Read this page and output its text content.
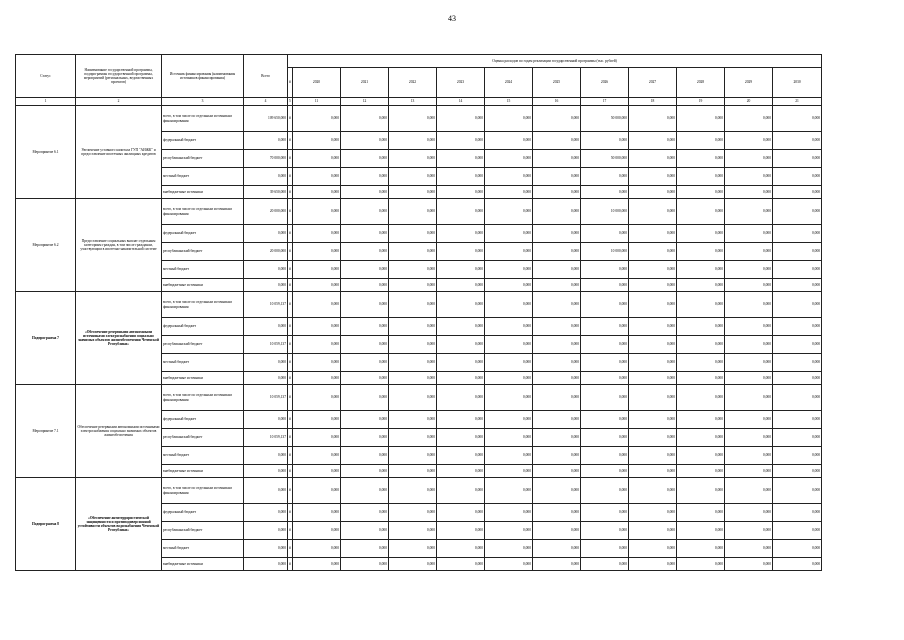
43
Статус	Наименование государственной программы, подпрограммы государственной программы, мероприятий (региональных, ведомственных проектов)	Источник финансирования (наименования источников финансирования)	Всего	Оценка расходов по годам реализации государственной программы (тыс. рублей)											
				#	2020	2021	2022	2023	2024	2025	2026	2027	2028	2029	2030
1	2	3	4	5	11	12	13	14	15	16	17	18	19	20	21
Мероприятие 6.1	Увеличение уставного капитала ГУП "АИЖК" и предоставление ипотечных жилищных кредитов	всего, в том числе по отдельным источникам финансирования	109 650,000	#	0,000	0,000	0,000	0,000	0,000	0,000	50 000,000	0,000	0,000	0,000	0,000
		федеральный бюджет	0,000	#	0,000	0,000	0,000	0,000	0,000	0,000	0,000	0,000	0,000	0,000	0,000
		республиканский бюджет	70 000,000	#	0,000	0,000	0,000	0,000	0,000	0,000	50 000,000	0,000	0,000	0,000	0,000
		местный бюджет	0,000	#	0,000	0,000	0,000	0,000	0,000	0,000	0,000	0,000	0,000	0,000	0,000
		внебюджетные источники	39 650,000	#	0,000	0,000	0,000	0,000	0,000	0,000	0,000	0,000	0,000	0,000	0,000
Мероприятие 6.2	Предоставление социальных выплат отдельным категориям граждан, в том числе гражданам, участвующим в ипотечно-накопительной системе	всего, в том числе по отдельным источникам финансирования	20 000,000	#	0,000	0,000	0,000	0,000	0,000	0,000	10 000,000	0,000	0,000	0,000	0,000
		федеральный бюджет	0,000	#	0,000	0,000	0,000	0,000	0,000	0,000	0,000	0,000	0,000	0,000	0,000
		республиканский бюджет	20 000,000	#	0,000	0,000	0,000	0,000	0,000	0,000	10 000,000	0,000	0,000	0,000	0,000
		местный бюджет	0,000	#	0,000	0,000	0,000	0,000	0,000	0,000	0,000	0,000	0,000	0,000	0,000
		внебюджетные источники	0,000	#	0,000	0,000	0,000	0,000	0,000	0,000	0,000	0,000	0,000	0,000	0,000
Подпрограмма 7	«Обеспечение резервными автономными источниками электроснабжения социально значимых объектов жизнеобеспечения Чеченской Республики»	всего, в том числе по отдельным источникам финансирования	10 059,137	#	0,000	0,000	0,000	0,000	0,000	0,000	0,000	0,000	0,000	0,000	0,000
		федеральный бюджет	0,000	#	0,000	0,000	0,000	0,000	0,000	0,000	0,000	0,000	0,000	0,000	0,000
		республиканский бюджет	10 059,137	#	0,000	0,000	0,000	0,000	0,000	0,000	0,000	0,000	0,000	0,000	0,000
		местный бюджет	0,000	#	0,000	0,000	0,000	0,000	0,000	0,000	0,000	0,000	0,000	0,000	0,000
		внебюджетные источники	0,000	#	0,000	0,000	0,000	0,000	0,000	0,000	0,000	0,000	0,000	0,000	0,000
Мероприятие 7.1	Обеспечение резервными автономными источниками электроснабжения социально значимых объектов жизнеобеспечения	всего, в том числе по отдельным источникам финансирования	10 059,137	#	0,000	0,000	0,000	0,000	0,000	0,000	0,000	0,000	0,000	0,000	0,000
		федеральный бюджет	0,000	#	0,000	0,000	0,000	0,000	0,000	0,000	0,000	0,000	0,000	0,000	0,000
		республиканский бюджет	10 059,137	#	0,000	0,000	0,000	0,000	0,000	0,000	0,000	0,000	0,000	0,000	0,000
		местный бюджет	0,000	#	0,000	0,000	0,000	0,000	0,000	0,000	0,000	0,000	0,000	0,000	0,000
		внебюджетные источники	0,000	#	0,000	0,000	0,000	0,000	0,000	0,000	0,000	0,000	0,000	0,000	0,000
Подпрограмма 8	«Обеспечение антитеррористической защищенности и противодиверсионной устойчивости объектов водоснабжения Чеченской Республики»	всего, в том числе по отдельным источникам финансирования	0,000	#	0,000	0,000	0,000	0,000	0,000	0,000	0,000	0,000	0,000	0,000	0,000
		федеральный бюджет	0,000	#	0,000	0,000	0,000	0,000	0,000	0,000	0,000	0,000	0,000	0,000	0,000
		республиканский бюджет	0,000	#	0,000	0,000	0,000	0,000	0,000	0,000	0,000	0,000	0,000	0,000	0,000
		местный бюджет	0,000	#	0,000	0,000	0,000	0,000	0,000	0,000	0,000	0,000	0,000	0,000	0,000
		внебюджетные источники	0,000	#	0,000	0,000	0,000	0,000	0,000	0,000	0,000	0,000	0,000	0,000	0,000
